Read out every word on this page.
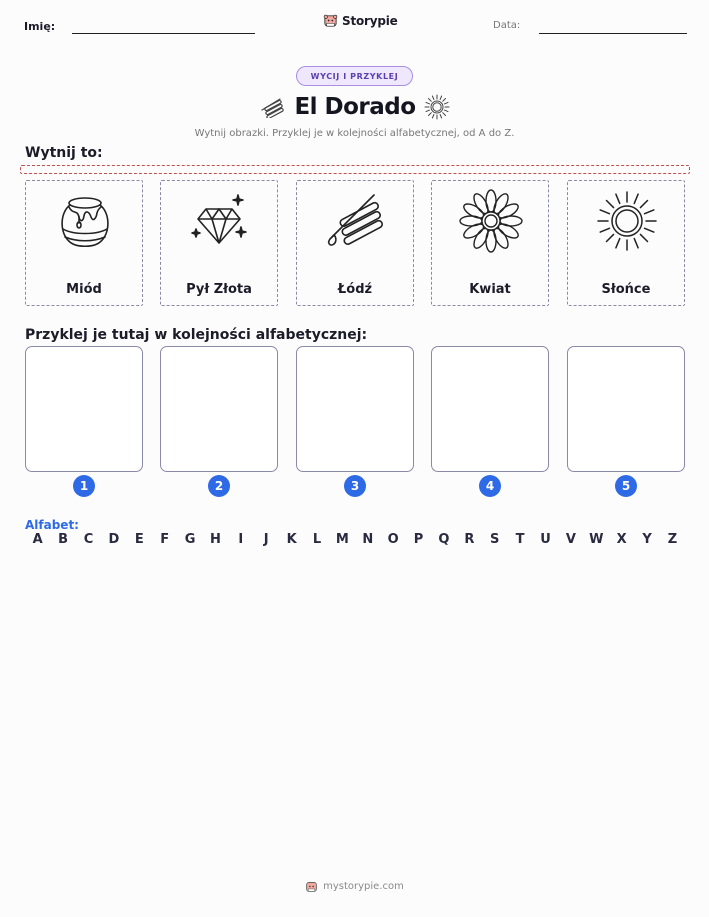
Imię:	Storypie	Data:
WYCIJ I PRZYKLEJ
El Dorado
Wytnij obrazki. Przyklej je w kolejności alfabetycznej, od A do Z.
Wytnij to:
Miód	Pył Złota	Łódź	Kwiat	Słońce
Przyklej je tutaj w kolejności alfabetycznej:
1	2	3	4	5
Alfabet:
A	B	C	D	E	F	G	H	I	J	K	L	M	N	O	P	Q	R	S	T	U	V	W	X	Y	Z
mystorypie.com
